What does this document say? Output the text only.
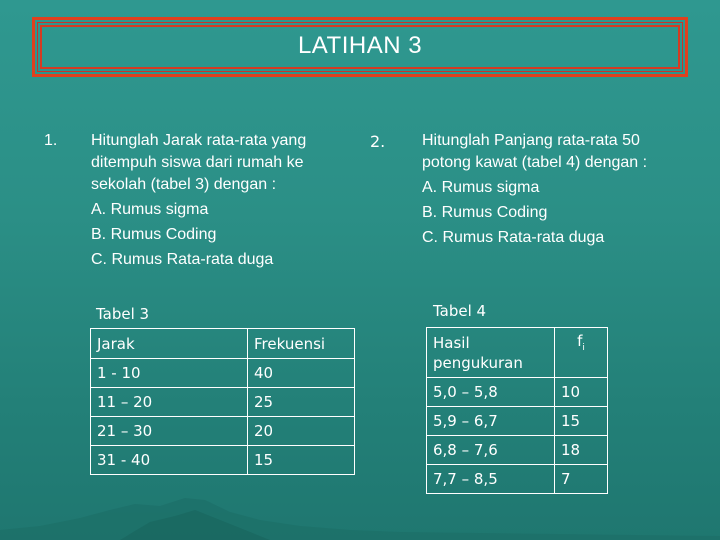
LATIHAN 3
1. Hitunglah Jarak rata-rata yang
ditempuh siswa dari rumah ke
sekolah (tabel 3) dengan :
A. Rumus sigma
B. Rumus Coding
C. Rumus Rata-rata duga
2. Hitunglah Panjang rata-rata 50
potong kawat (tabel 4) dengan :
A. Rumus sigma
B. Rumus Coding
C. Rumus Rata-rata duga
Tabel 3
Jarak	Frekuensi
1 - 10	40
11 – 20	25
21 – 30	20
31 - 40	15
Tabel 4
Hasil pengukuran	$f_i$
5,0 – 5,8	10
5,9 – 6,7	15
6,8 – 7,6	18
7,7 – 8,5	7
